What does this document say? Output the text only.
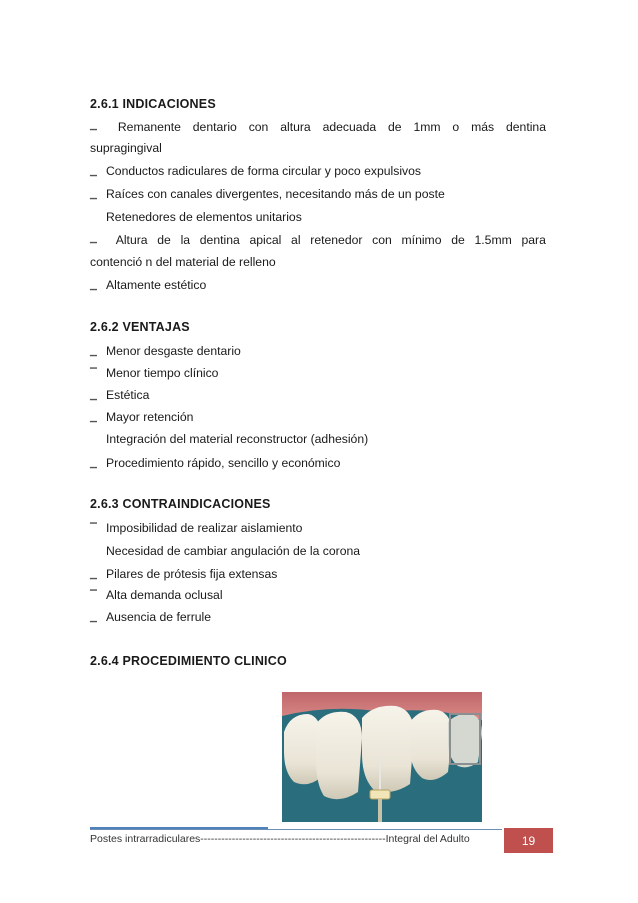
2.6.1 INDICACIONES
▁ Remanente dentario con altura adecuada de 1mm o más dentina
supragingival
▁ Conductos radiculares de forma circular y poco expulsivos
▁ Raíces con canales divergentes, necesitando más de un poste
Retenedores de elementos unitarios
▁ Altura de la dentina apical al retenedor con mínimo de 1.5mm para
contenció n del material de relleno
▁ Altamente estético
2.6.2 VENTAJAS
▁ Menor desgaste dentario
▔ Menor tiempo clínico
▁ Estética
▁ Mayor retención
Integración del material reconstructor (adhesión)
▁ Procedimiento rápido, sencillo y económico
2.6.3 CONTRAINDICACIONES
▔ Imposibilidad de realizar aislamiento
Necesidad de cambiar angulación de la corona
▁ Pilares de prótesis fija extensas
▔ Alta demanda oclusal
▁ Ausencia de ferrule
2.6.4 PROCEDIMIENTO CLINICO
Postes intrarradiculares-----------------------------------------------------Integral del Adulto	19
